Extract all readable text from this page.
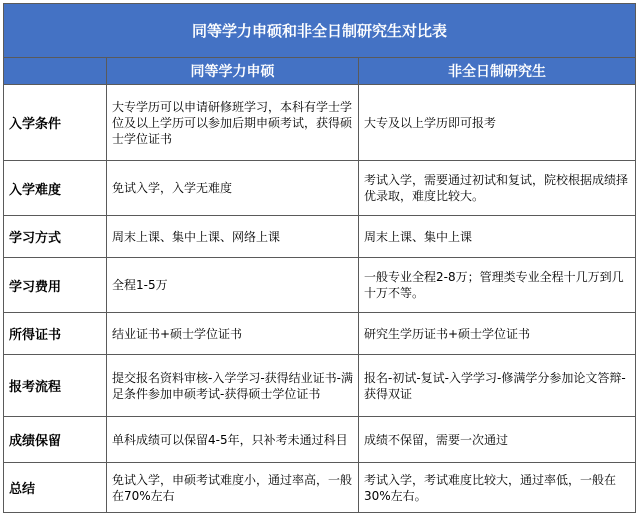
同等学力申硕和非全日制研究生对比表		
	同等学力申硕	非全日制研究生
入学条件	大专学历可以申请研修班学习，本科有学士学位及以上学历可以参加后期申硕考试，获得硕士学位证书	大专及以上学历即可报考
入学难度	免试入学，入学无难度	考试入学，需要通过初试和复试，院校根据成绩择优录取，难度比较大。
学习方式	周末上课、集中上课、网络上课	周末上课、集中上课
学习费用	全程1-5万	一般专业全程2-8万；管理类专业全程十几万到几十万不等。
所得证书	结业证书+硕士学位证书	研究生学历证书+硕士学位证书
报考流程	提交报名资料审核-入学学习-获得结业证书-满足条件参加申硕考试-获得硕士学位证书	报名-初试-复试-入学学习-修满学分参加论文答辩-获得双证
成绩保留	单科成绩可以保留4-5年，只补考未通过科目	成绩不保留，需要一次通过
总结	免试入学，申硕考试难度小，通过率高，一般在70%左右	考试入学，考试难度比较大，通过率低，一般在30%左右。
